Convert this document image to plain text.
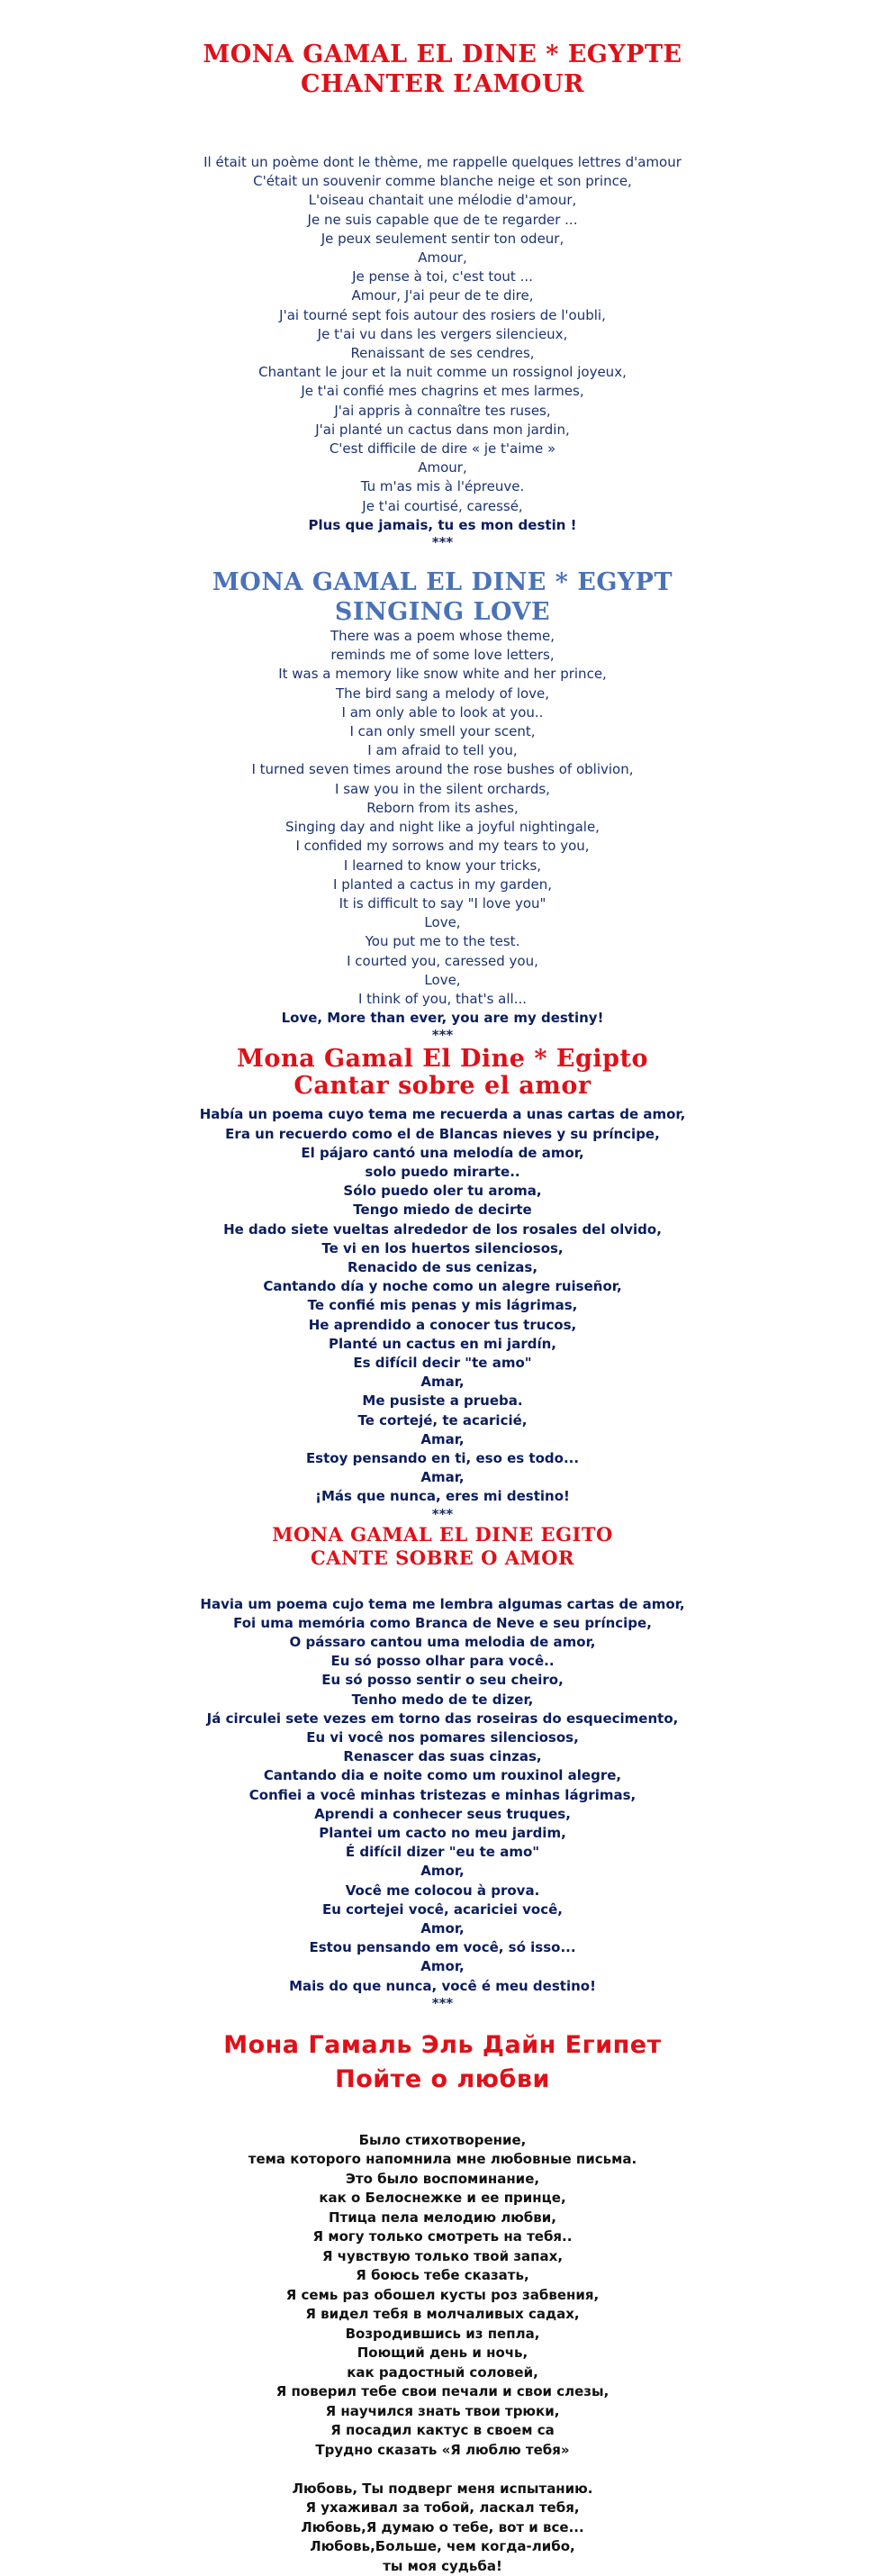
MONA GAMAL EL DINE * EGYPTE
CHANTER L’AMOUR
Il était un poème dont le thème, me rappelle quelques lettres d'amour
C'était un souvenir comme blanche neige et son prince,
L'oiseau chantait une mélodie d'amour,
Je ne suis capable que de te regarder ...
Je peux seulement sentir ton odeur,
Amour,
Je pense à toi, c'est tout ...
Amour, J'ai peur de te dire,
J'ai tourné sept fois autour des rosiers de l'oubli,
Je t'ai vu dans les vergers silencieux,
Renaissant de ses cendres,
Chantant le jour et la nuit comme un rossignol joyeux,
Je t'ai confié mes chagrins et mes larmes,
J'ai appris à connaître tes ruses,
J'ai planté un cactus dans mon jardin,
C'est difficile de dire « je t'aime »
Amour,
Tu m'as mis à l'épreuve.
Je t'ai courtisé, caressé,
Plus que jamais, tu es mon destin !
***
MONA GAMAL EL DINE * EGYPT
SINGING LOVE
There was a poem whose theme,
reminds me of some love letters,
It was a memory like snow white and her prince,
The bird sang a melody of love,
I am only able to look at you..
I can only smell your scent,
I am afraid to tell you,
I turned seven times around the rose bushes of oblivion,
I saw you in the silent orchards,
Reborn from its ashes,
Singing day and night like a joyful nightingale,
I confided my sorrows and my tears to you,
I learned to know your tricks,
I planted a cactus in my garden,
It is difficult to say "I love you"
Love,
You put me to the test.
I courted you, caressed you,
Love,
I think of you, that's all...
Love, More than ever, you are my destiny!
***
Mona Gamal El Dine * Egipto
Cantar sobre el amor
Había un poema cuyo tema me recuerda a unas cartas de amor,
Era un recuerdo como el de Blancas nieves y su príncipe,
El pájaro cantó una melodía de amor,
solo puedo mirarte..
Sólo puedo oler tu aroma,
Tengo miedo de decirte
He dado siete vueltas alrededor de los rosales del olvido,
Te vi en los huertos silenciosos,
Renacido de sus cenizas,
Cantando día y noche como un alegre ruiseñor,
Te confié mis penas y mis lágrimas,
He aprendido a conocer tus trucos,
Planté un cactus en mi jardín,
Es difícil decir "te amo"
Amar,
Me pusiste a prueba.
Te cortejé, te acaricié,
Amar,
Estoy pensando en ti, eso es todo...
Amar,
¡Más que nunca, eres mi destino!
***
MONA GAMAL EL DINE EGITO
CANTE SOBRE O AMOR
Havia um poema cujo tema me lembra algumas cartas de amor,
Foi uma memória como Branca de Neve e seu príncipe,
O pássaro cantou uma melodia de amor,
Eu só posso olhar para você..
Eu só posso sentir o seu cheiro,
Tenho medo de te dizer,
Já circulei sete vezes em torno das roseiras do esquecimento,
Eu vi você nos pomares silenciosos,
Renascer das suas cinzas,
Cantando dia e noite como um rouxinol alegre,
Confiei a você minhas tristezas e minhas lágrimas,
Aprendi a conhecer seus truques,
Plantei um cacto no meu jardim,
É difícil dizer "eu te amo"
Amor,
Você me colocou à prova.
Eu cortejei você, acariciei você,
Amor,
Estou pensando em você, só isso...
Amor,
Mais do que nunca, você é meu destino!
***
Мона Гамаль Эль Дайн Египет
Пойте о любви
Было стихотворение,
тема которого напомнила мне любовные письма.
Это было воспоминание,
как о Белоснежке и ее принце,
Птица пела мелодию любви,
Я могу только смотреть на тебя..
Я чувствую только твой запах,
Я боюсь тебе сказать,
Я семь раз обошел кусты роз забвения,
Я видел тебя в молчаливых садах,
Возродившись из пепла,
Поющий день и ночь,
как радостный соловей,
Я поверил тебе свои печали и свои слезы,
Я научился знать твои трюки,
Я посадил кактус в своем са
Трудно сказать «Я люблю тебя»
Любовь, Ты подверг меня испытанию.
Я ухаживал за тобой, ласкал тебя,
Любовь,Я думаю о тебе, вот и все...
Любовь,Больше, чем когда-либо,
ты моя судьба!
